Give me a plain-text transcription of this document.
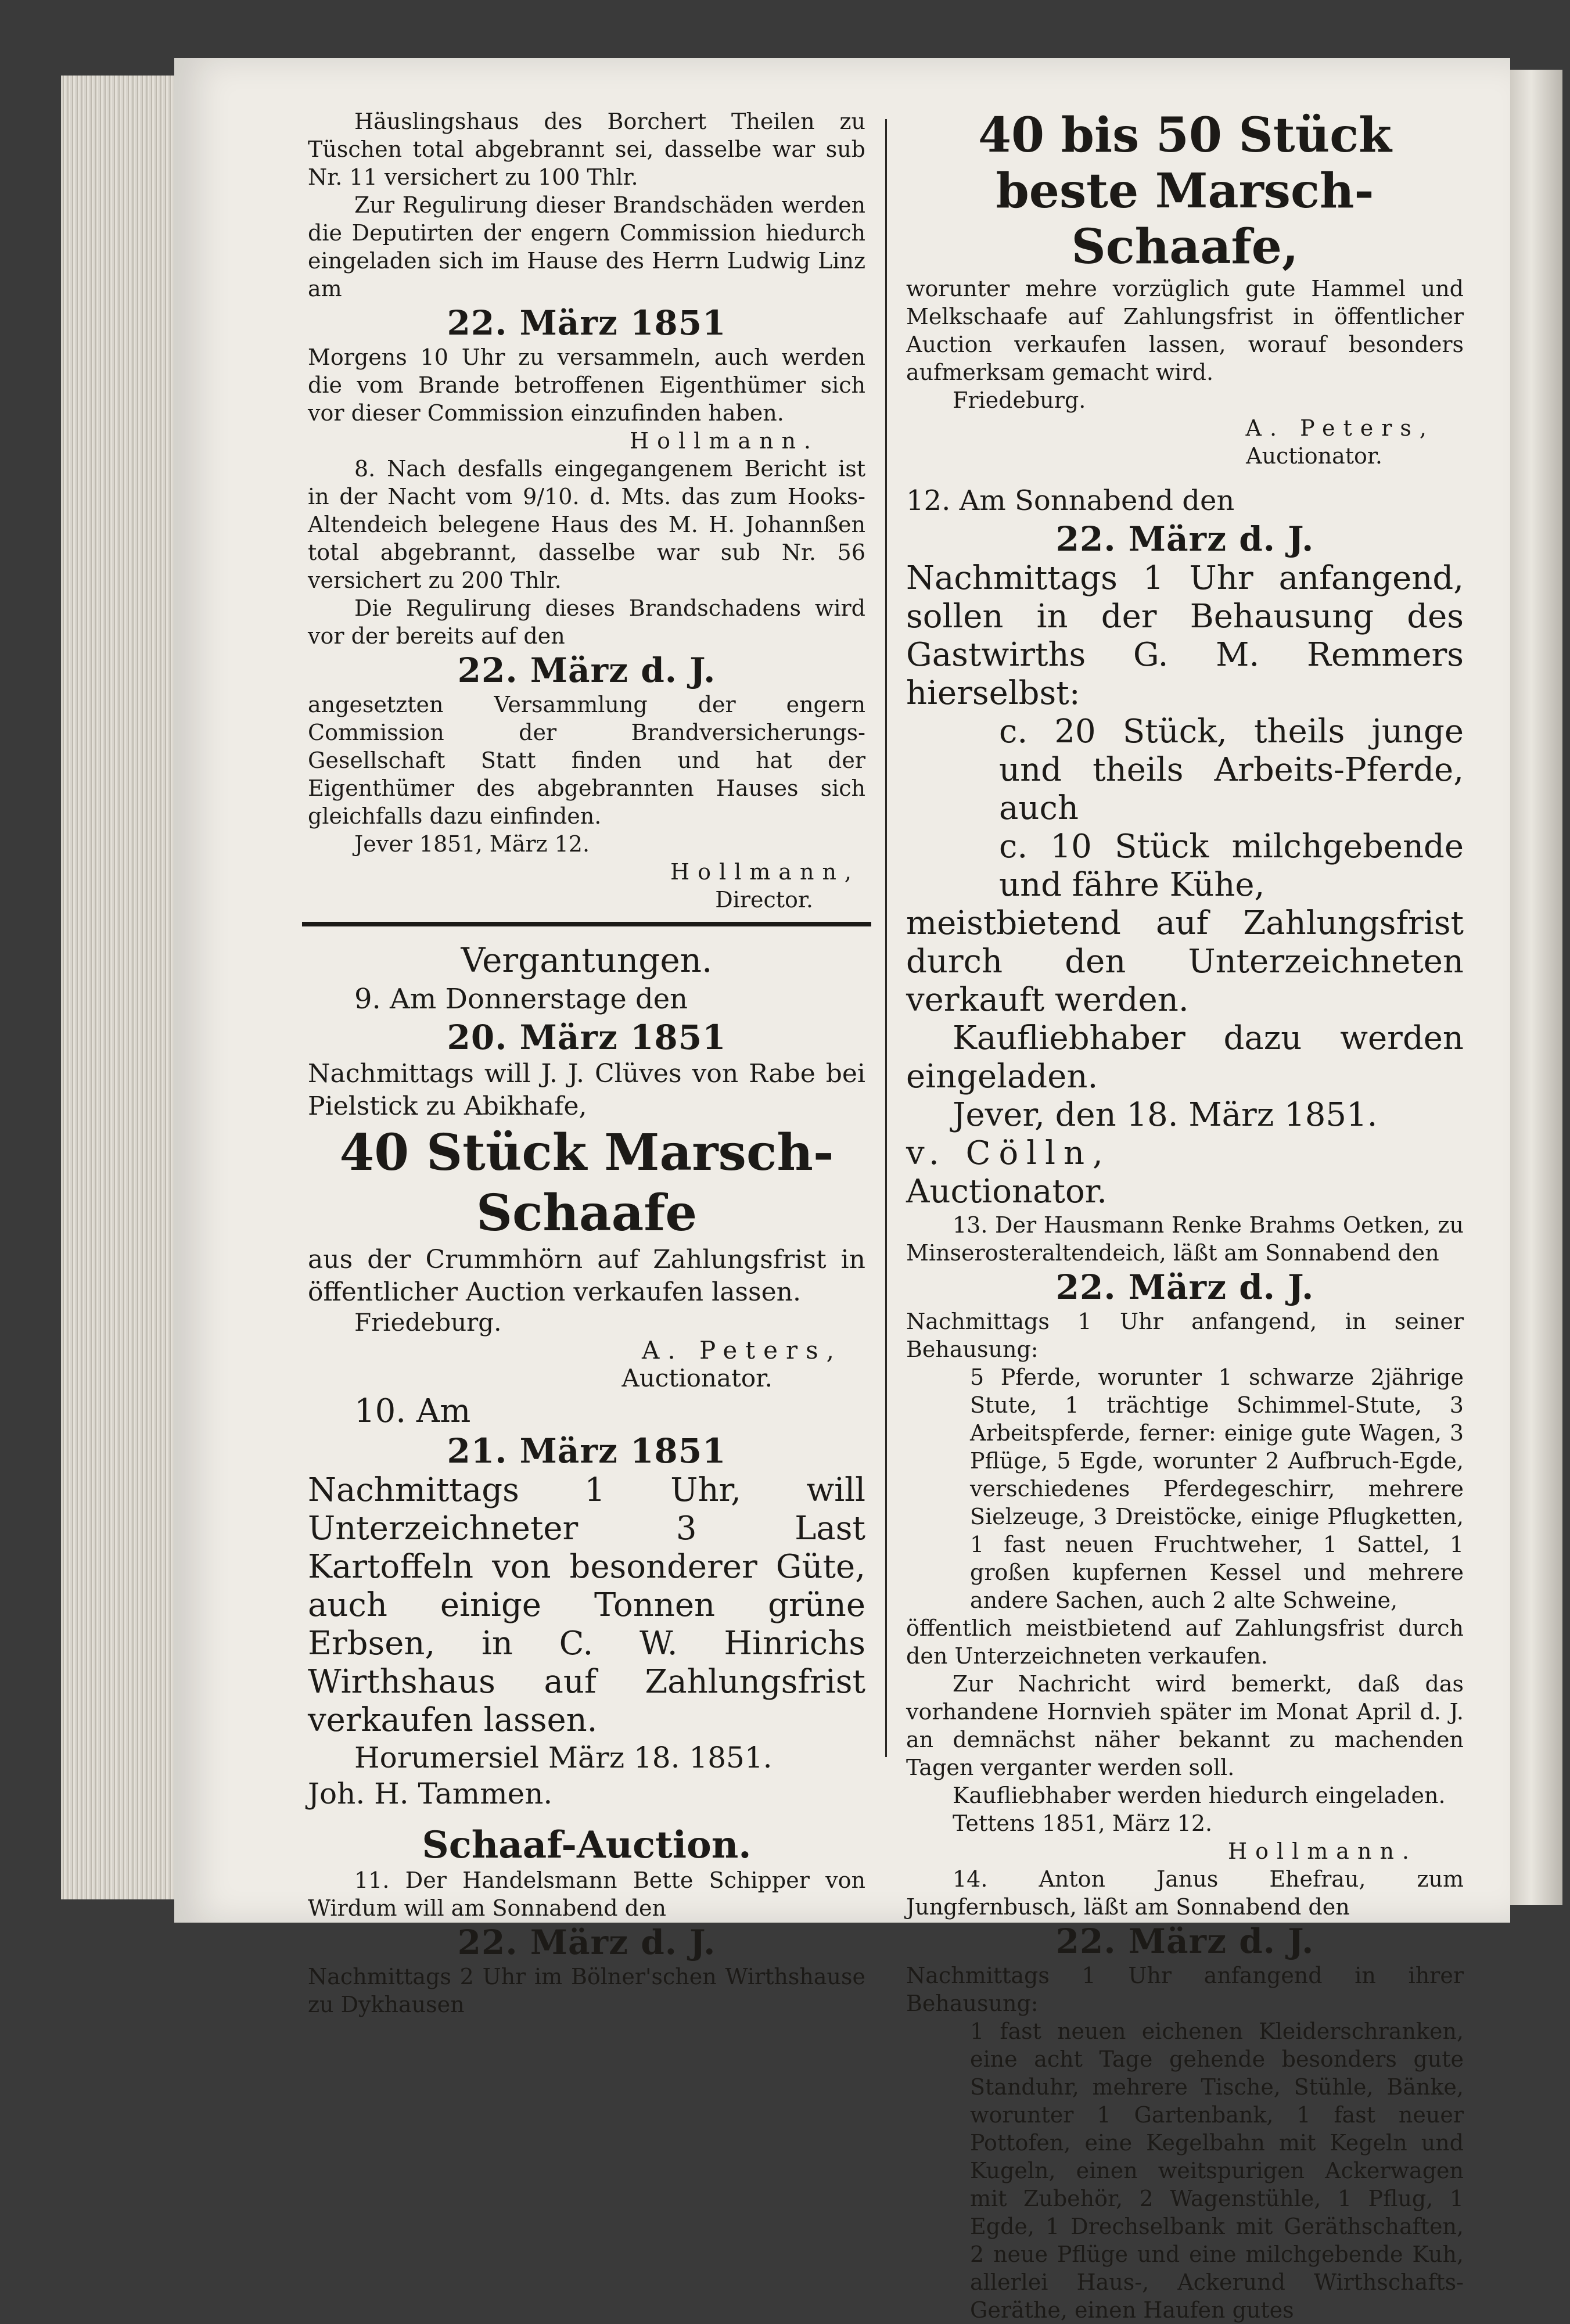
Häuslingshaus des Borchert Theilen zu Tüschen total abgebrannt sei, dasselbe war sub Nr. 11 versichert zu 100 Thlr.

Zur Regulirung dieser Brandschäden werden die Deputirten der engern Commission hiedurch eingeladen sich im Hause des Herrn Ludwig Linz am

22. März 1851

Morgens 10 Uhr zu versammeln, auch werden die vom Brande betroffenen Eigenthümer sich vor dieser Commission einzufinden haben.

Hollmann.

8. Nach desfalls eingegangenem Bericht ist in der Nacht vom 9/10. d. Mts. das zum Hooks-Altendeich belegene Haus des M. H. Johannßen total abgebrannt, dasselbe war sub Nr. 56 versichert zu 200 Thlr.

Die Regulirung dieses Brandschadens wird vor der bereits auf den

22. März d. J.

angesetzten Versammlung der engern Commission der Brandversicherungs-Gesellschaft Statt finden und hat der Eigenthümer des abgebrannten Hauses sich gleichfalls dazu einfinden.

Jever 1851, März 12.

Hollmann,

Director.

Vergantungen.

9. Am Donnerstage den

20. März 1851

Nachmittags will J. J. Clüves von Rabe bei Pielstick zu Abikhafe,

40 Stück Marsch-Schaafe

aus der Crummhörn auf Zahlungsfrist in öffentlicher Auction verkaufen lassen.

Friedeburg.

A. Peters,

Auctionator.

10. Am

21. März 1851

Nachmittags 1 Uhr, will Unterzeichneter 3 Last Kartoffeln von besonderer Güte, auch einige Tonnen grüne Erbsen, in C. W. Hinrichs Wirthshaus auf Zahlungsfrist verkaufen lassen.

Horumersiel März 18. 1851.

Joh. H. Tammen.

Schaaf-Auction.

11. Der Handelsmann Bette Schipper von Wirdum will am Sonnabend den

22. März d. J.

Nachmittags 2 Uhr im Bölner'schen Wirthshause zu Dykhausen

40 bis 50 Stück beste Marsch-Schaafe,

worunter mehre vorzüglich gute Hammel und Melkschaafe auf Zahlungsfrist in öffentlicher Auction verkaufen lassen, worauf besonders aufmerksam gemacht wird.

Friedeburg.

A. Peters,

Auctionator.

12. Am Sonnabend den

22. März d. J.

Nachmittags 1 Uhr anfangend, sollen in der Behausung des Gastwirths G. M. Remmers hierselbst:

c. 20 Stück, theils junge und theils Arbeits-Pferde, auch

c. 10 Stück milchgebende und fähre Kühe,

meistbietend auf Zahlungsfrist durch den Unterzeichneten verkauft werden.

Kaufliebhaber dazu werden eingeladen.

Jever, den 18. März 1851.

v. Cölln,

Auctionator.

13. Der Hausmann Renke Brahms Oetken, zu Minserosteraltendeich, läßt am Sonnabend den

22. März d. J.

Nachmittags 1 Uhr anfangend, in seiner Behausung:

5 Pferde, worunter 1 schwarze 2jährige Stute, 1 trächtige Schimmel-Stute, 3 Arbeitspferde, ferner: einige gute Wagen, 3 Pflüge, 5 Egde, worunter 2 Aufbruch-Egde, verschiedenes Pferdegeschirr, mehrere Sielzeuge, 3 Dreistöcke, einige Pflugketten, 1 fast neuen Fruchtweher, 1 Sattel, 1 großen kupfernen Kessel und mehrere andere Sachen, auch 2 alte Schweine,

öffentlich meistbietend auf Zahlungsfrist durch den Unterzeichneten verkaufen.

Zur Nachricht wird bemerkt, daß das vorhandene Hornvieh später im Monat April d. J. an demnächst näher bekannt zu machenden Tagen verganter werden soll.

Kaufliebhaber werden hiedurch eingeladen.

Tettens 1851, März 12.

Hollmann.

14. Anton Janus Ehefrau, zum Jungfernbusch, läßt am Sonnabend den

22. März d. J.

Nachmittags 1 Uhr anfangend in ihrer Behausung:

1 fast neuen eichenen Kleiderschranken, eine acht Tage gehende besonders gute Standuhr, mehrere Tische, Stühle, Bänke, worunter 1 Gartenbank, 1 fast neuer Pottofen, eine Kegelbahn mit Kegeln und Kugeln, einen weitspurigen Ackerwagen mit Zubehör, 2 Wagenstühle, 1 Pflug, 1 Egde, 1 Drechselbank mit Geräthschaften, 2 neue Pflüge und eine milchgebende Kuh, allerlei Haus-, Ackerund Wirthschafts-Geräthe, einen Haufen gutes
